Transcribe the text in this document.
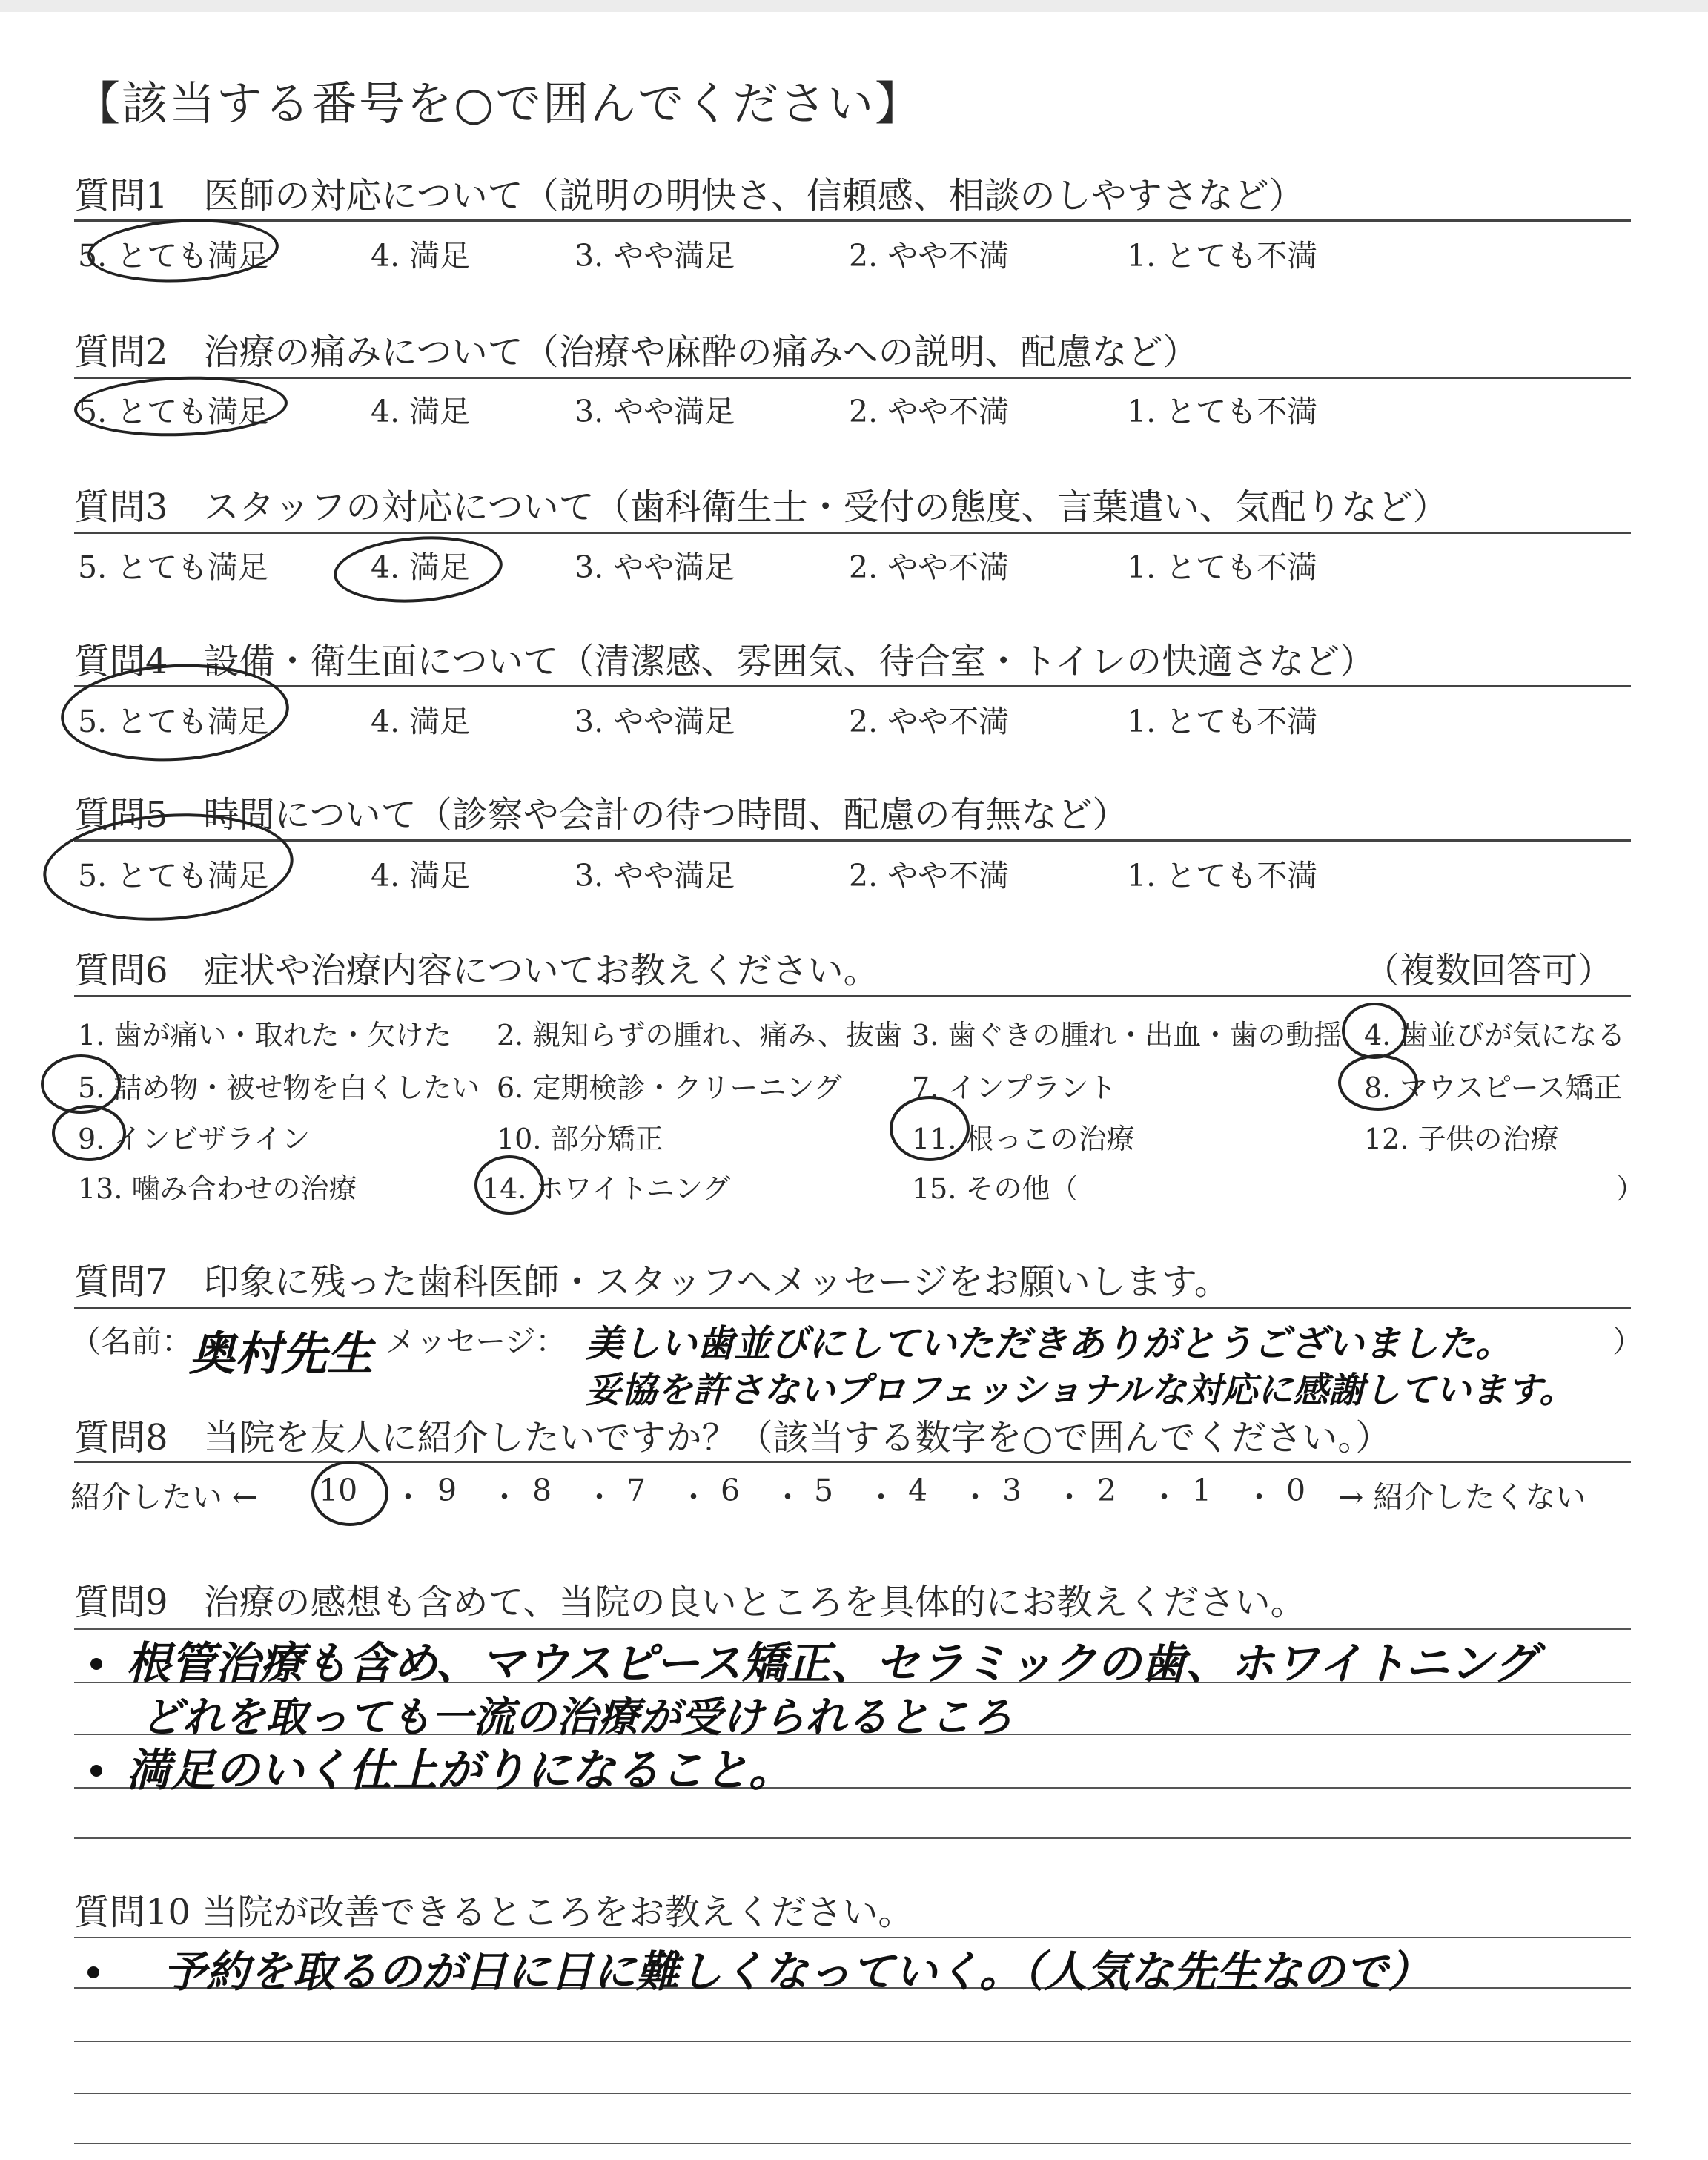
【該当する番号を○で囲んでください】
質問1　医師の対応について（説明の明快さ、信頼感、相談のしやすさなど）
5. とても満足	4. 満足	3. やや満足	2. やや不満	1. とても不満
質問2　治療の痛みについて（治療や麻酔の痛みへの説明、配慮など）
5. とても満足	4. 満足	3. やや満足	2. やや不満	1. とても不満
質問3　スタッフの対応について（歯科衛生士・受付の態度、言葉遣い、気配りなど）
5. とても満足	4. 満足	3. やや満足	2. やや不満	1. とても不満
質問4　設備・衛生面について（清潔感、雰囲気、待合室・トイレの快適さなど）
5. とても満足	4. 満足	3. やや満足	2. やや不満	1. とても不満
質問5　時間について（診察や会計の待つ時間、配慮の有無など）
5. とても満足	4. 満足	3. やや満足	2. やや不満	1. とても不満
質問6　症状や治療内容についてお教えください。	（複数回答可）
1. 歯が痛い・取れた・欠けた 2. 親知らずの腫れ、痛み、抜歯 3. 歯ぐきの腫れ・出血・歯の動揺 4. 歯並びが気になる
5. 詰め物・被せ物を白くしたい 6. 定期検診・クリーニング 7. インプラント	8. マウスピース矯正
9. インビザライン	10. 部分矯正	11. 根っこの治療	12. 子供の治療
13. 噛み合わせの治療	14. ホワイトニング	15. その他（	）
質問7　印象に残った歯科医師・スタッフへメッセージをお願いします。
（名前：
奥村先生 メッセージ： 美しい歯並びにしていただきありがとうございました。	）
妥協を許さないプロフェッショナルな対応に感謝しています。
質問8　当院を友人に紹介したいですか？（該当する数字を○で囲んでください。）
紹介したい ←	→ 紹介したくない
10 ・ 9 ・ 8 ・ 7 ・ 6 ・ 5 ・ 4 ・ 3 ・ 2 ・ 1 ・ 0
質問9　治療の感想も含めて、当院の良いところを具体的にお教えください。
根管治療も含め、マウスピース矯正、セラミックの歯、ホワイトニング
どれを取っても一流の治療が受けられるところ
満足のいく仕上がりになること。
質問10 当院が改善できるところをお教えください。
予約を取るのが日に日に難しくなっていく。（人気な先生なので）
